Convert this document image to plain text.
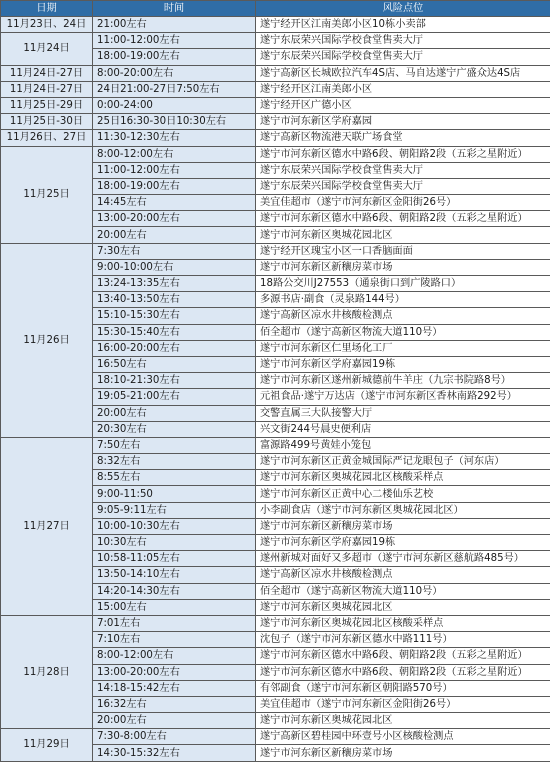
日期	时间	风险点位
11月23日、24日	21:00左右	遂宁经开区江南美郎小区10栋小卖部
11月24日	11:00-12:00左右	遂宁东辰荣兴国际学校食堂售卖大厅
	18:00-19:00左右	遂宁东辰荣兴国际学校食堂售卖大厅
11月24日-27日	8:00-20:00左右	遂宁高新区长城欧拉汽车4S店、马自达遂宁广盛众达4S店
11月24日-27日	24日21:00-27日7:50左右	遂宁经开区江南美郎小区
11月25日-29日	0:00-24:00	遂宁经开区广德小区
11月25日-30日	25日16:30-30日10:30左右	遂宁市河东新区学府嘉园
11月26日、27日	11:30-12:30左右	遂宁高新区物流港天联广场食堂
11月25日	8:00-12:00左右	遂宁市河东新区德水中路6段、朝阳路2段（五彩之星附近）
	11:00-12:00左右	遂宁东辰荣兴国际学校食堂售卖大厅
	18:00-19:00左右	遂宁东辰荣兴国际学校食堂售卖大厅
	14:45左右	美宜佳超市（遂宁市河东新区金阳街26号）
	13:00-20:00左右	遂宁市河东新区德水中路6段、朝阳路2段（五彩之星附近）
	20:00左右	遂宁市河东新区奥城花园北区
11月26日	7:30左右	遂宁经开区瑰宝小区一口香脑面面
	9:00-10:00左右	遂宁市河东新区新穰房菜市场
	13:24-13:35左右	18路公交川J27553（通泉街口到广陵路口）
	13:40-13:50左右	多源书店·副食（灵泉路144号）
	15:10-15:30左右	遂宁高新区凉水井核酸检测点
	15:30-15:40左右	佰全超市（遂宁高新区物流大道110号）
	16:00-20:00左右	遂宁市河东新区仁里场化工厂
	16:50左右	遂宁市河东新区学府嘉园19栋
	18:10-21:30左右	遂宁市河东新区遂州新城德前牛羊庄（九宗书院路8号）
	19:05-21:00左右	元祖食品·遂宁万达店（遂宁市河东新区香林南路292号）
	20:00左右	交警直属三大队接警大厅
	20:30左右	兴文街244号晨史便利店
11月27日	7:50左右	富源路499号黄娃小笼包
	8:32左右	遂宁市河东新区正黄金城国际严记龙眼包子（河东店）
	8:55左右	遂宁市河东新区奥城花园北区核酸采样点
	9:00-11:50	遂宁市河东新区正黄中心二楼仙乐艺校
	9:05-9:11左右	小李副食店（遂宁市河东新区奥城花园北区）
	10:00-10:30左右	遂宁市河东新区新穰房菜市场
	10:30左右	遂宁市河东新区学府嘉园19栋
	10:58-11:05左右	遂州新城对面好又多超市（遂宁市河东新区慈航路485号）
	13:50-14:10左右	遂宁高新区凉水井核酸检测点
	14:20-14:30左右	佰全超市（遂宁高新区物流大道110号）
	15:00左右	遂宁市河东新区奥城花园北区
11月28日	7:01左右	遂宁市河东新区奥城花园北区核酸采样点
	7:10左右	沈包子（遂宁市河东新区德水中路111号）
	8:00-12:00左右	遂宁市河东新区德水中路6段、朝阳路2段（五彩之星附近）
	13:00-20:00左右	遂宁市河东新区德水中路6段、朝阳路2段（五彩之星附近）
	14:18-15:42左右	有邻副食（遂宁市河东新区朝阳路570号）
	16:32左右	美宜佳超市（遂宁市河东新区金阳街26号）
	20:00左右	遂宁市河东新区奥城花园北区
11月29日	7:30-8:00左右	遂宁高新区碧桂园中环壹号小区核酸检测点
	14:30-15:32左右	遂宁市河东新区新穰房菜市场
